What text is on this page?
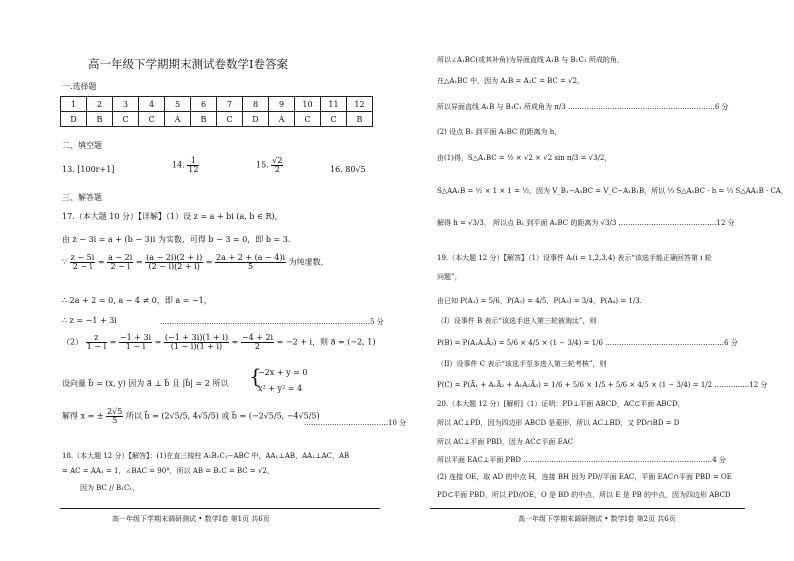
高一年级下学期期末测试卷数学Ⅰ卷答案
一.选择题
1	2	3	4	5	6	7	8	9	10	11	12
D	B	C	C	A	B	C	D	A	C	C	B
二、填空题
13. [100r+1]	14. $\frac{1}{12}$	15. $\frac{√2}{2}$	16. 80√5
三、解答题
17.（本大题 10 分）【详解】（1）设 z = a + bi (a, b ∈ R)，
由 z − 3i = a + (b − 3)i 为实数，可得 b − 3 = 0，即 b = 3.
∵ $\frac{z - 5i}{2 - i} = \frac{a - 2i}{2 - i} = \frac{(a - 2i)(2 + i)}{(2 - i)(2 + i)} = \frac{2a + 2 + (a - 4)i}{5}$ 为纯虚数，
∴ 2a + 2 = 0, a − 4 ≠ 0，即 a = −1，
∴ z = −1 + 3i	………………………………………………………………………………5 分
$(2) \frac{z}{1 - i} = \frac{-1 + 3i}{1 - i} = \frac{(-1 + 3i)(1 + i)}{(1 - i)(1 + i)} = \frac{-4 + 2i}{2} = -2 + i$，则 a⃗ = (−2, 1)
设向量 b⃗ = (x, y) 因为 a⃗ ⊥ b⃗ 且 |b⃗| = 2 所以 {
−2x + y = 0
x² + y² = 4
解得 x = ± $\frac{2√5}{5}$ 所以 b⃗ = (2√5/5, 4√5/5) 或 b⃗ = (−2√5/5, −4√5/5)
………………………………10 分
18.（本大题 12 分）【解答】：(1)在直三棱柱 A₁B₁C₁−ABC 中，AA₁⊥AB，AA₁⊥AC，AB
= AC = AA₁ = 1，∠BAC = 90°，所以 AB = B₁C = BC = √2，
因为 BC // B₁C₁，
高一年级下学期末调研测试 • 数学Ⅰ卷 第1页 共6页
所以∠A₁BC(或其补角)为异面直线 A₁B 与 B₁C₁ 所成的角，
在△A₁BC 中，因为 A₁B = A₁C = BC = √2，
所以异面直线 A₁B 与 B₁C₁ 所成角为 π/3 ………………………………………………………6 分
(2) 设点 B₁ 到平面 A₁BC 的距离为 h，
由(1)得，S△A₁BC = ½ × √2 × √2 sin π/3 = √3/2，
S△AA₁B = ½ × 1 × 1 = ½，因为 V_B₁−A₁BC = V_C−A₁B₁B，所以 ⅓ S△A₁BC · h = ⅓ S△AA₁B · CA，
解得 h = √3/3， 所以点 B₁ 到平面 A₁BC 的距离为 √3/3 ……………………………………12 分
19.（本大题 12 分）【解答】（1）设事件 Aᵢ(i = 1,2,3,4) 表示“该选手能正确回答第 i 轮
问题”，
由已知 P(A₁) = 5/6，P(A₂) = 4/5，P(A₃) = 3/4，P(A₄) = 1/3.
（I）设事件 B 表示“该选手进入第三轮被淘汰”，则
P(B) = P(A₁A₂Ā₃) = 5/6 × 4/5 × (1 − 3/4) = 1/6 ……………………………………………6 分
（II）设事件 C 表示“该选手至多进入第三轮考核”，则
P(C) = P(Ā₁ + A₁Ā₂ + A₁A₂Ā₃) = 1/6 + 5/6 × 1/5 + 5/6 × 4/5 × (1 − 3/4) = 1/2 ……………12 分
20.（本大题 12 分）[解析]（1）证明：PD⊥平面 ABCD，AC⊂平面 ABCD，
所以 AC⊥PD，因为四边形 ABCD 是菱形，所以 AC⊥BD，又 PD∩BD = D
所以 AC⊥平面 PBD，因为 AC⊂平面 EAC
所以平面 EAC⊥平面 PBD ………………………………………………………………………4 分
(2) 连接 OE，取 AD 的中点 H，连接 BH 因为 PD//平面 EAC，平面 EAC∩平面 PBD = OE
PD⊂平面 PBD，所以 PD//OE，O 是 BD 的中点，所以 E 是 PB 的中点，因为四边形 ABCD
高一年级下学期末调研测试 • 数学Ⅰ卷 第2页 共6页
